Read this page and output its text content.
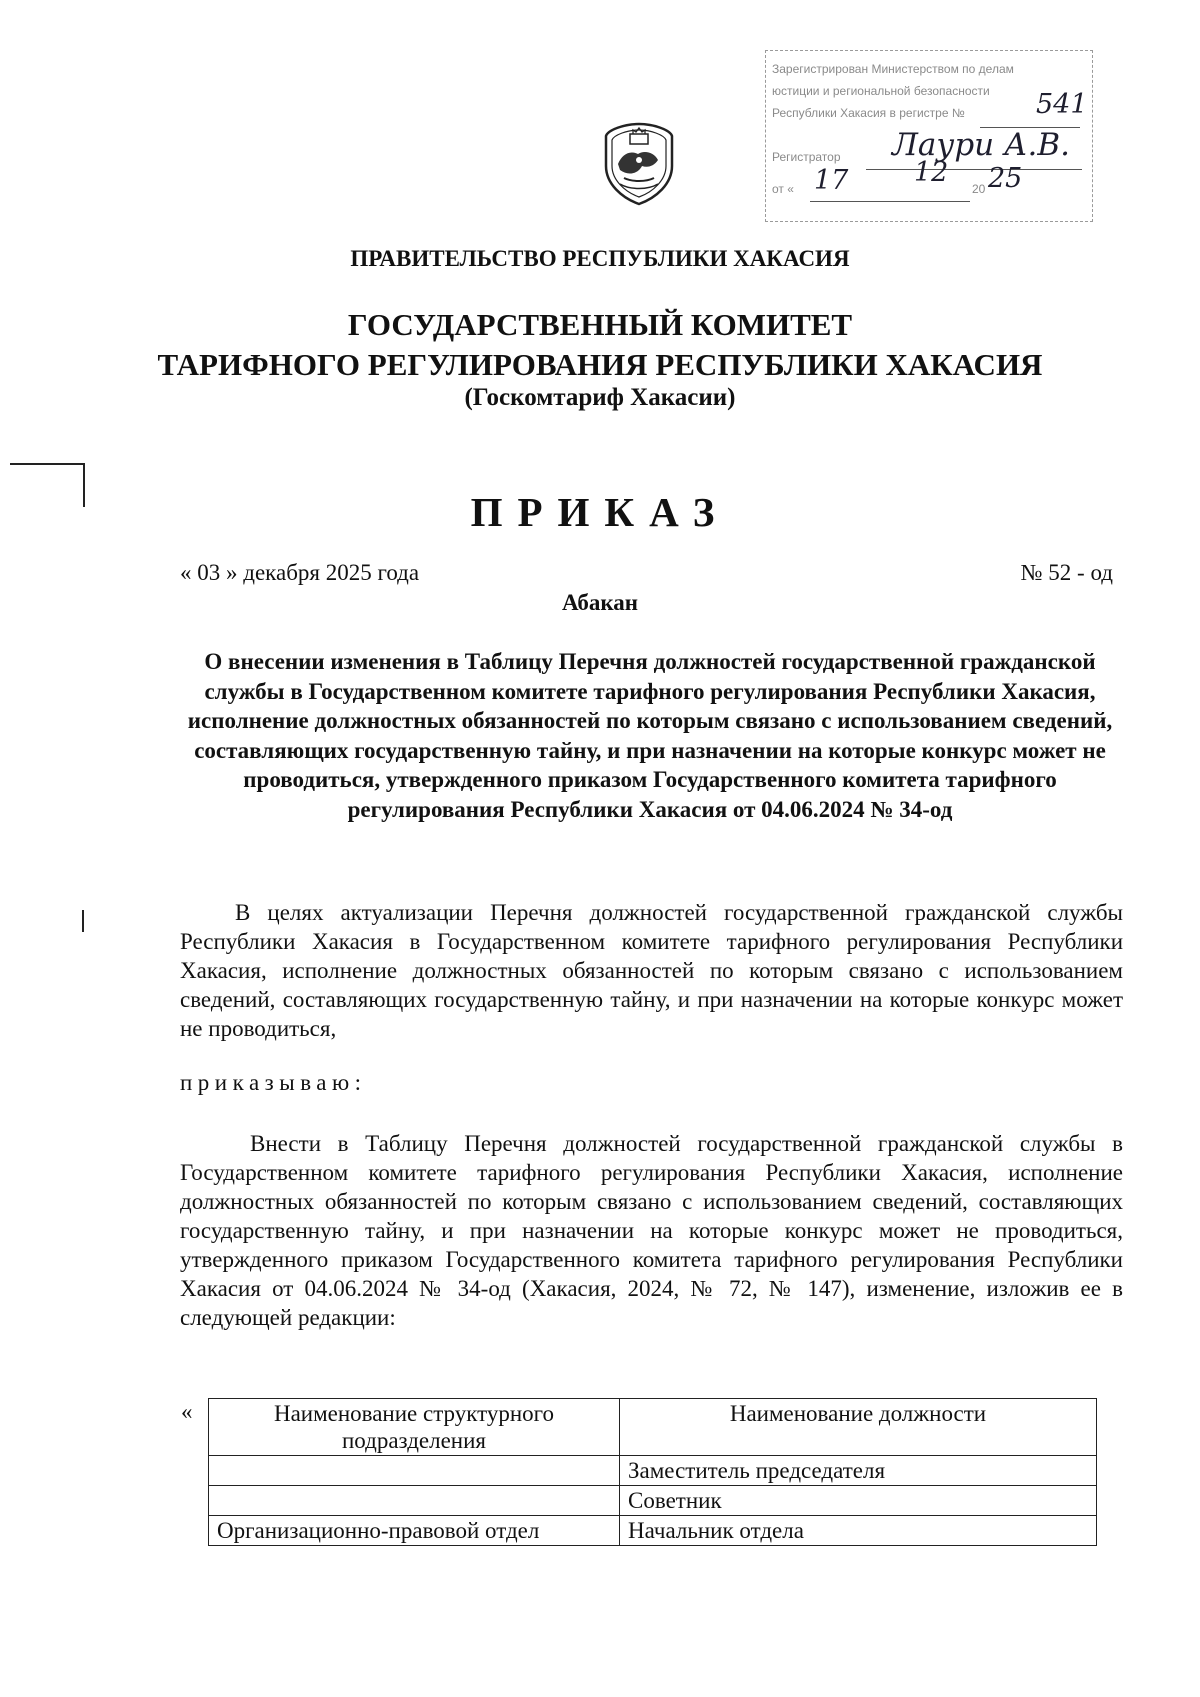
Зарегистрирован Министерством по делам
юстиции и региональной безопасности
Республики Хакасия в регистре №
Регистратор
от «	20
541
Лаури А.В.
17 12 25
ПРАВИТЕЛЬСТВО РЕСПУБЛИКИ ХАКАСИЯ
ГОСУДАРСТВЕННЫЙ КОМИТЕТ
ТАРИФНОГО РЕГУЛИРОВАНИЯ РЕСПУБЛИКИ ХАКАСИЯ
(Госкомтариф Хакасии)
ПРИКАЗ
« 03 » декабря 2025 года	№ 52 - од
Абакан
О внесении изменения в Таблицу Перечня должностей государственной гражданской службы в Государственном комитете тарифного регулирования Республики Хакасия, исполнение должностных обязанностей по которым связано с использованием сведений, составляющих государственную тайну, и при назначении на которые конкурс может не проводиться, утвержденного приказом Государственного комитета тарифного регулирования Республики Хакасия от 04.06.2024 № 34-од
В целях актуализации Перечня должностей государственной гражданской службы Республики Хакасия в Государственном комитете тарифного регулирования Республики Хакасия, исполнение должностных обязанностей по которым связано с использованием сведений, составляющих государственную тайну, и при назначении на которые конкурс может не проводиться,
приказываю:
Внести в Таблицу Перечня должностей государственной гражданской службы в Государственном комитете тарифного регулирования Республики Хакасия, исполнение должностных обязанностей по которым связано с использованием сведений, составляющих государственную тайну, и при назначении на которые конкурс может не проводиться, утвержденного приказом Государственного комитета тарифного регулирования Республики Хакасия от 04.06.2024 № 34-од (Хакасия, 2024, № 72, № 147), изменение, изложив ее в следующей редакции:
«	Наименование структурного подразделения	Наименование должности
	Заместитель председателя
	Советник
Организационно-правовой отдел	Начальник отдела
